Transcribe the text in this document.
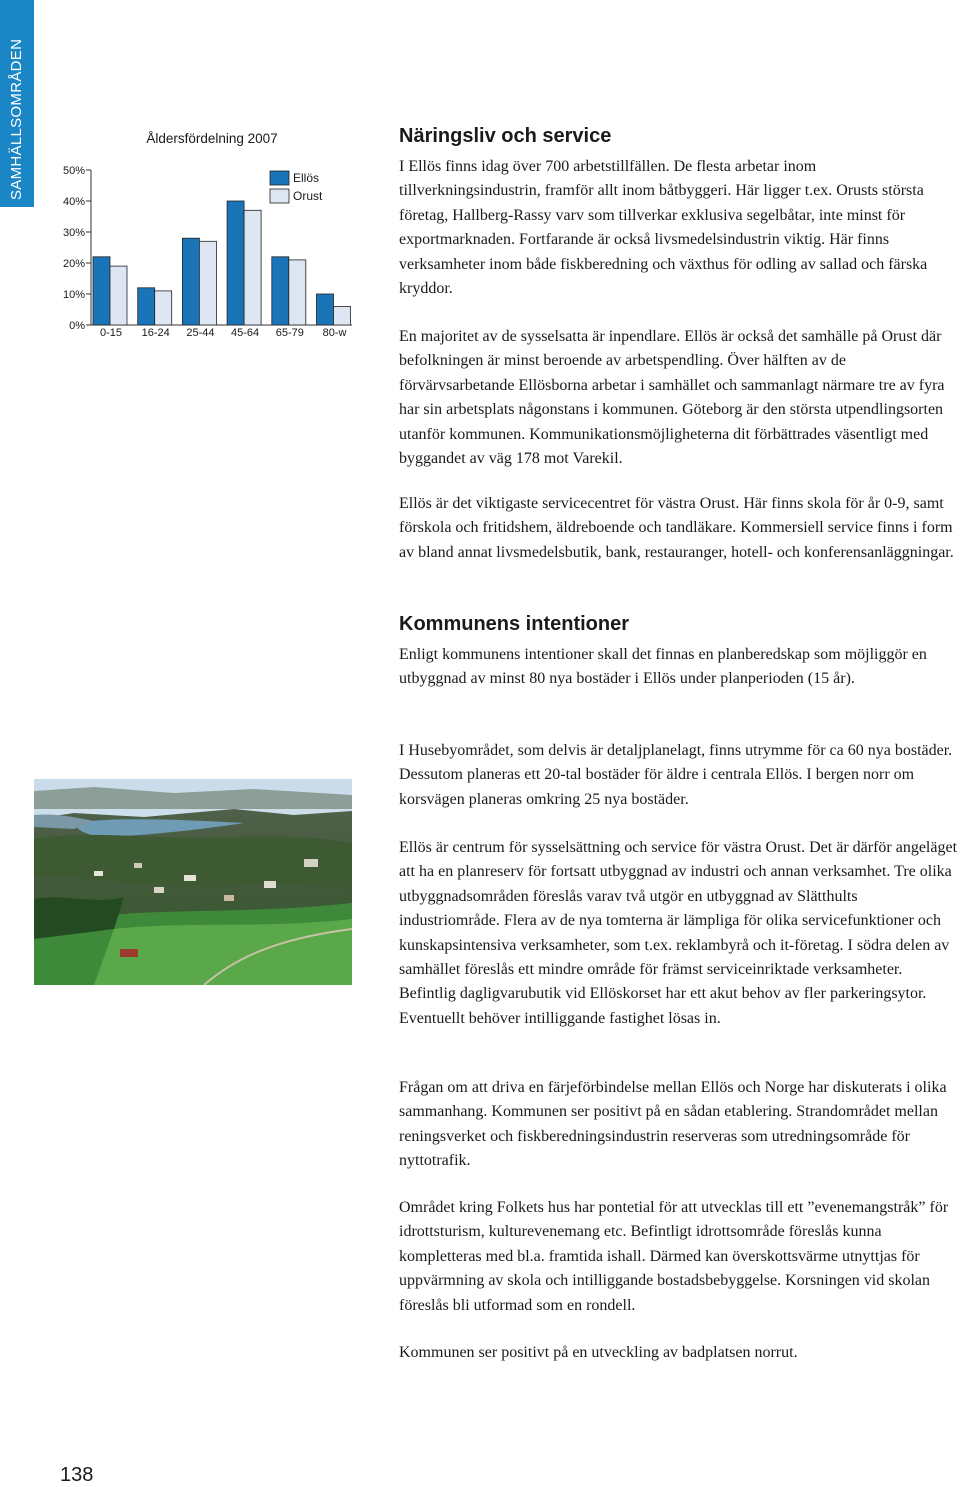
SAMHÄLLSOMRÅDEN	Åldersfördelning 2007
0%
10%
20%
30%
40%
50%
0-15 16-24 25-44 45-64 65-79 80-w
Ellös
Orust
Näringsliv och service

I Ellös finns idag över 700 arbetstillfällen. De flesta arbetar inom tillverkningsindustrin, framför allt inom båtbyggeri. Här ligger t.ex. Orusts största företag, Hallberg-Rassy varv som tillverkar exklusiva segelbåtar, inte minst för exportmarknaden. Fortfarande är också livsmedelsindustrin viktig. Här finns verksamheter inom både fiskberedning och växthus för odling av sallad och färska kryddor.

En majoritet av de sysselsatta är inpendlare. Ellös är också det samhälle på Orust där befolkningen är minst beroende av arbetspendling. Över hälften av de förvärvsarbetande Ellösborna arbetar i samhället och sammanlagt närmare tre av fyra har sin arbetsplats någonstans i kommunen. Göteborg är den största utpendlingsorten utanför kommunen. Kommunikationsmöjligheterna dit förbättrades väsentligt med byggandet av väg 178 mot Varekil.

Ellös är det viktigaste servicecentret för västra Orust. Här finns skola för år 0-9, samt förskola och fritidshem, äldreboende och tandläkare. Kommersiell service finns i form av bland annat livsmedelsbutik, bank, restauranger, hotell- och konferensanläggningar.

Kommunens intentioner

Enligt kommunens intentioner skall det finnas en planberedskap som möjliggör en utbyggnad av minst 80 nya bostäder i Ellös under planperioden (15 år).

I Husebyområdet, som delvis är detaljplanelagt, finns utrymme för ca 60 nya bostäder. Dessutom planeras ett 20-tal bostäder för äldre i centrala Ellös. I bergen norr om korsvägen planeras omkring 25 nya bostäder.

Ellös är centrum för sysselsättning och service för västra Orust. Det är därför angeläget att ha en planreserv för fortsatt utbyggnad av industri och annan verksamhet. Tre olika utbyggnadsområden föreslås varav två utgör en utbyggnad av Slätthults industriområde. Flera av de nya tomterna är lämpliga för olika servicefunktioner och kunskapsintensiva verksamheter, som t.ex. reklambyrå och it-företag. I södra delen av samhället föreslås ett mindre område för främst serviceinriktade verksamheter. Befintlig dagligvarubutik vid Ellöskorset har ett akut behov av fler parkeringsytor. Eventuellt behöver intilliggande fastighet lösas in.

Frågan om att driva en färjeförbindelse mellan Ellös och Norge har diskuterats i olika sammanhang. Kommunen ser positivt på en sådan etablering. Strandområdet mellan reningsverket och fiskberedningsindustrin reserveras som utredningsområde för nyttotrafik.

Området kring Folkets hus har pontetial för att utvecklas till ett ”evenemangstråk” för idrottsturism, kulturevenemang etc. Befintligt idrottsområde föreslås kunna kompletteras med bl.a. framtida ishall. Därmed kan överskottsvärme utnyttjas för uppvärmning av skola och intilliggande bostadsbebyggelse. Korsningen vid skolan föreslås bli utformad som en rondell.

Kommunen ser positivt på en utveckling av badplatsen norrut.

138
